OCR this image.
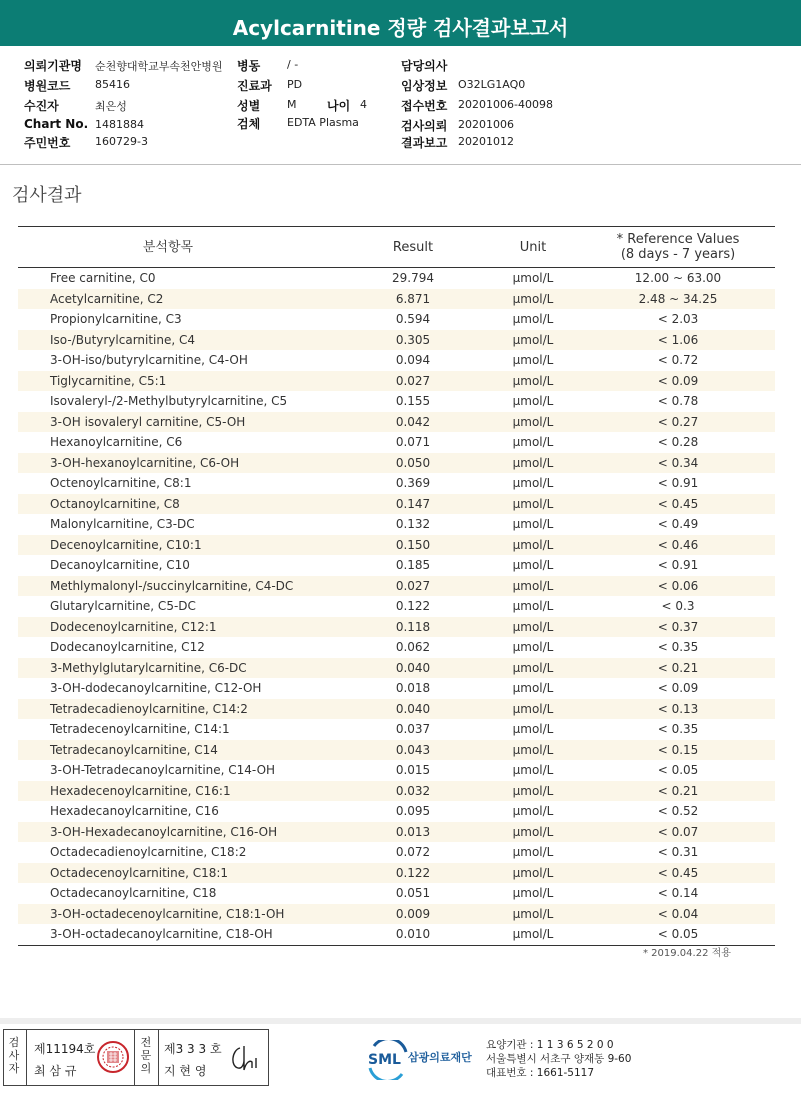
Acylcarnitine 정량 검사결과보고서
의뢰기관명 순천향대학교부속천안병원 병동 / -	담당의사
병원코드 85416	진료과 PD	임상정보 O32LG1AQ0
수진자	최은성	성별 M	나이 4	접수번호 20201006-40098
Chart No. 1481884	검체 EDTA Plasma	검사의뢰 20201006
주민번호 160729-3	결과보고 20201012
검사결과
분석항목	Result	Unit	* Reference Values
(8 days - 7 years)
Free carnitine, C0	29.794	μmol/L	12.00 ~ 63.00
Acetylcarnitine, C2	6.871	μmol/L	2.48 ~ 34.25
Propionylcarnitine, C3	0.594	μmol/L	< 2.03
Iso-/Butyrylcarnitine, C4	0.305	μmol/L	< 1.06
3-OH-iso/butyrylcarnitine, C4-OH	0.094	μmol/L	< 0.72
Tiglycarnitine, C5:1	0.027	μmol/L	< 0.09
Isovaleryl-/2-Methylbutyrylcarnitine, C5	0.155	μmol/L	< 0.78
3-OH isovaleryl carnitine, C5-OH	0.042	μmol/L	< 0.27
Hexanoylcarnitine, C6	0.071	μmol/L	< 0.28
3-OH-hexanoylcarnitine, C6-OH	0.050	μmol/L	< 0.34
Octenoylcarnitine, C8:1	0.369	μmol/L	< 0.91
Octanoylcarnitine, C8	0.147	μmol/L	< 0.45
Malonylcarnitine, C3-DC	0.132	μmol/L	< 0.49
Decenoylcarnitine, C10:1	0.150	μmol/L	< 0.46
Decanoylcarnitine, C10	0.185	μmol/L	< 0.91
Methlymalonyl-/succinylcarnitine, C4-DC	0.027	μmol/L	< 0.06
Glutarylcarnitine, C5-DC	0.122	μmol/L	< 0.3
Dodecenoylcarnitine, C12:1	0.118	μmol/L	< 0.37
Dodecanoylcarnitine, C12	0.062	μmol/L	< 0.35
3-Methylglutarylcarnitine, C6-DC	0.040	μmol/L	< 0.21
3-OH-dodecanoylcarnitine, C12-OH	0.018	μmol/L	< 0.09
Tetradecadienoylcarnitine, C14:2	0.040	μmol/L	< 0.13
Tetradecenoylcarnitine, C14:1	0.037	μmol/L	< 0.35
Tetradecanoylcarnitine, C14	0.043	μmol/L	< 0.15
3-OH-Tetradecanoylcarnitine, C14-OH	0.015	μmol/L	< 0.05
Hexadecenoylcarnitine, C16:1	0.032	μmol/L	< 0.21
Hexadecanoylcarnitine, C16	0.095	μmol/L	< 0.52
3-OH-Hexadecanoylcarnitine, C16-OH	0.013	μmol/L	< 0.07
Octadecadienoylcarnitine, C18:2	0.072	μmol/L	< 0.31
Octadecenoylcarnitine, C18:1	0.122	μmol/L	< 0.45
Octadecanoylcarnitine, C18	0.051	μmol/L	< 0.14
3-OH-octadecenoylcarnitine, C18:1-OH	0.009	μmol/L	< 0.04
3-OH-octadecanoylcarnitine, C18-OH	0.010	μmol/L	< 0.05
* 2019.04.22 적용
검사자
제11194호
최 삼 규
전문의
제3 3 3 호
지 현 영
SML 삼광의료재단
요양기관 : 1 1 3 6 5 2 0 0
서울특별시 서초구 양재동 9-60
대표번호 : 1661-5117
